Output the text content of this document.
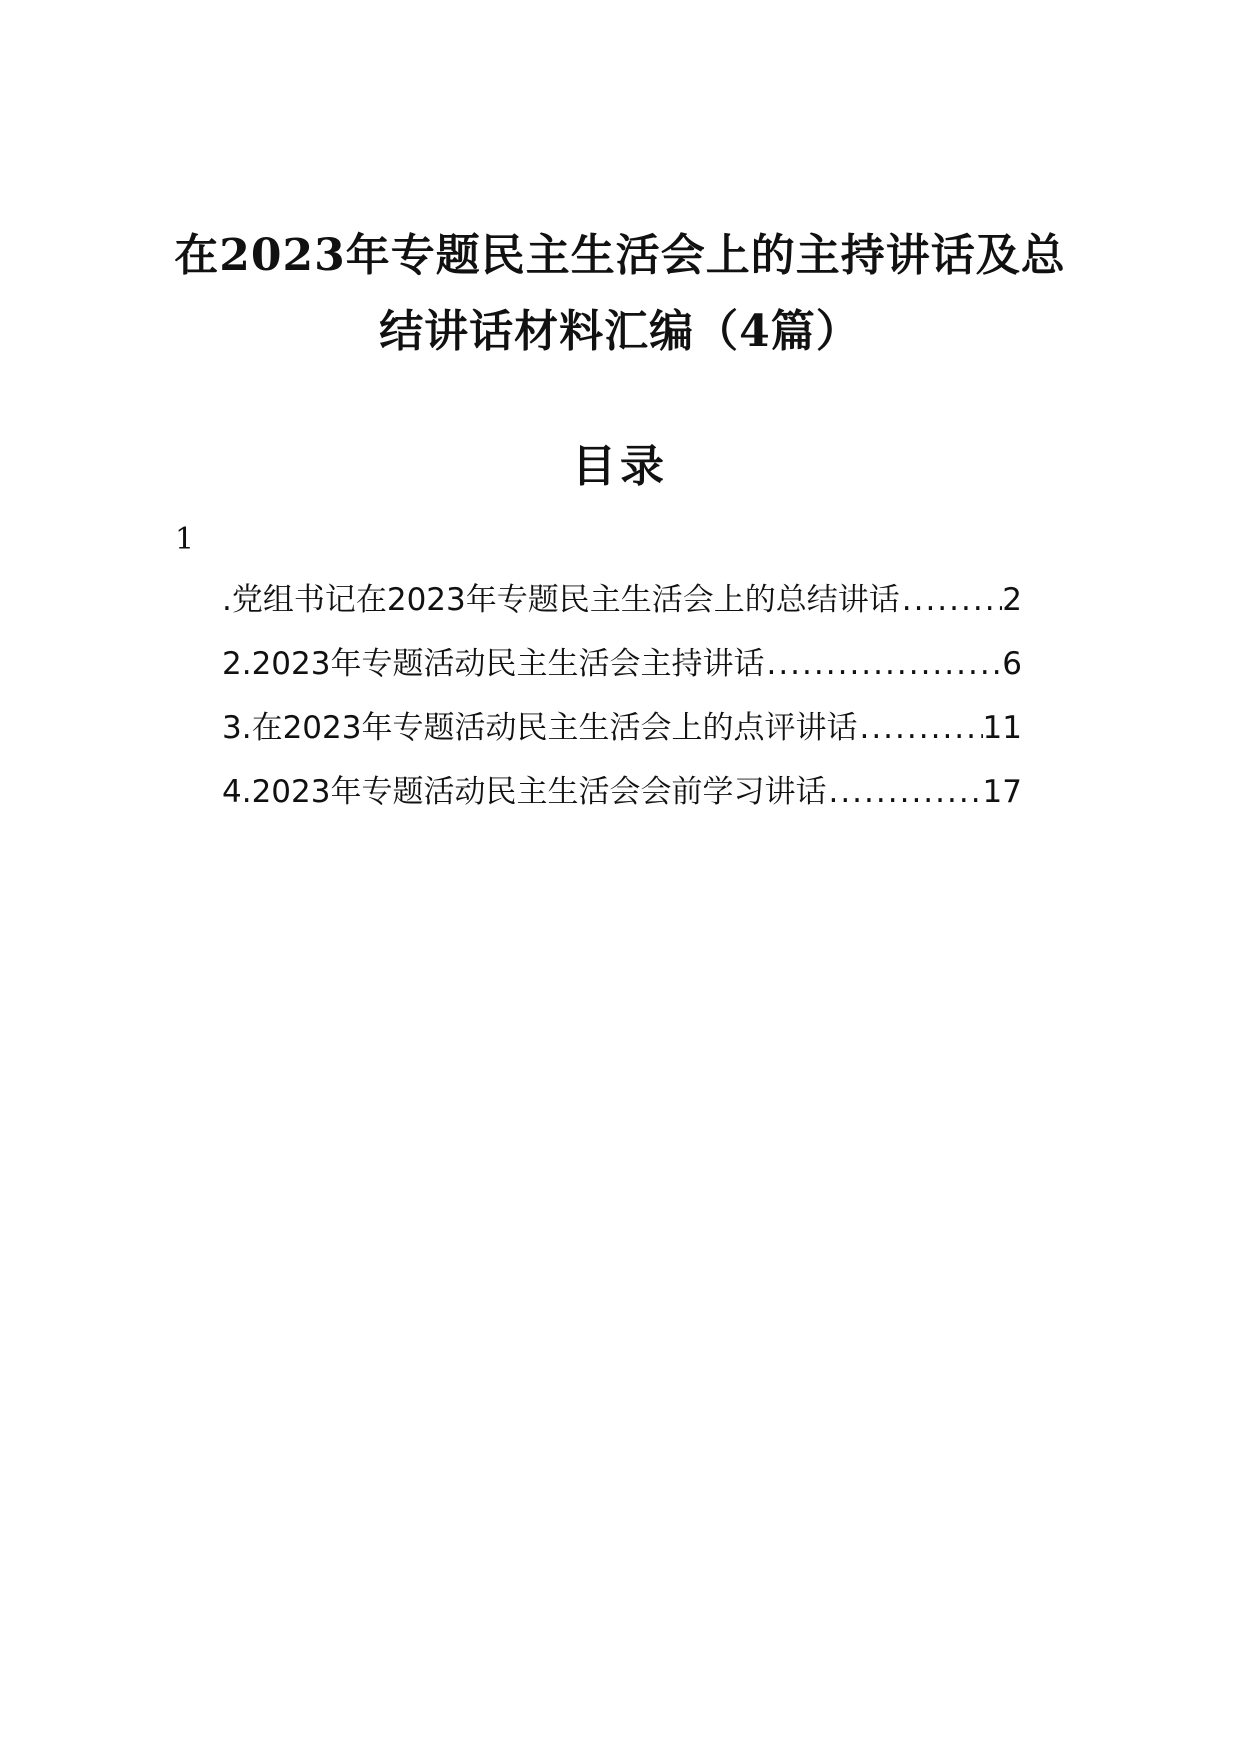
在2023年专题民主生活会上的主持讲话及总
结讲话材料汇编（4篇）
目录
1
.党组书记在2023年专题民主生活会上的总结讲话 .....	2
2.2023年专题活动民主生活会主持讲话 .....	6
3.在2023年专题活动民主生活会上的点评讲话 .....	11
4.2023年专题活动民主生活会会前学习讲话 .....	17
